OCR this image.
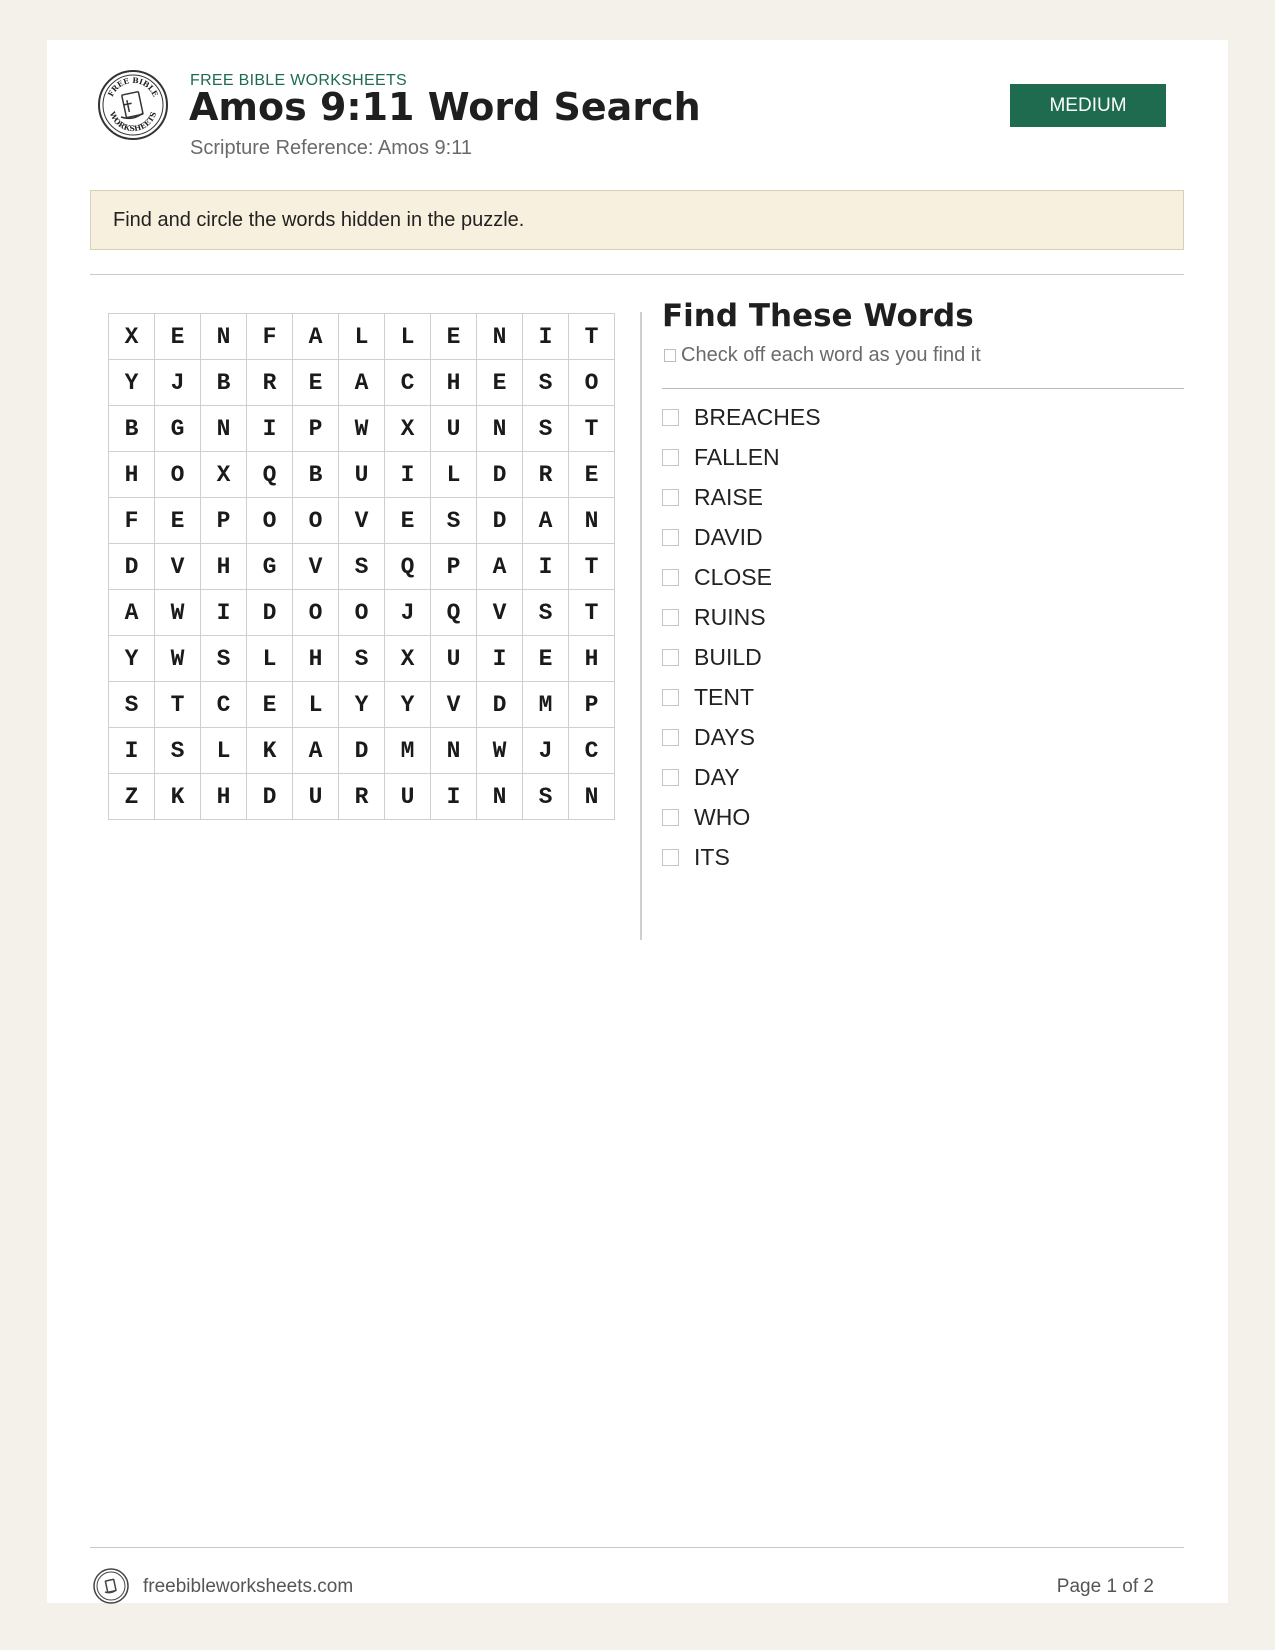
FREE BIBLE
WORKSHEETS
FREE BIBLE WORKSHEETS
Amos 9:11 Word Search
Scripture Reference: Amos 9:11
MEDIUM
Find and circle the words hidden in the puzzle.
X	E	N	F	A	L	L	E	N	I	T
Y	J	B	R	E	A	C	H	E	S	O
B	G	N	I	P	W	X	U	N	S	T
H	O	X	Q	B	U	I	L	D	R	E
F	E	P	O	O	V	E	S	D	A	N
D	V	H	G	V	S	Q	P	A	I	T
A	W	I	D	O	O	J	Q	V	S	T
Y	W	S	L	H	S	X	U	I	E	H
S	T	C	E	L	Y	Y	V	D	M	P
I	S	L	K	A	D	M	N	W	J	C
Z	K	H	D	U	R	U	I	N	S	N
Find These Words
Check off each word as you find it
BREACHES
FALLEN
RAISE
DAVID
CLOSE
RUINS
BUILD
TENT
DAYS
DAY
WHO
ITS
freebibleworksheets.com	Page 1 of 2
